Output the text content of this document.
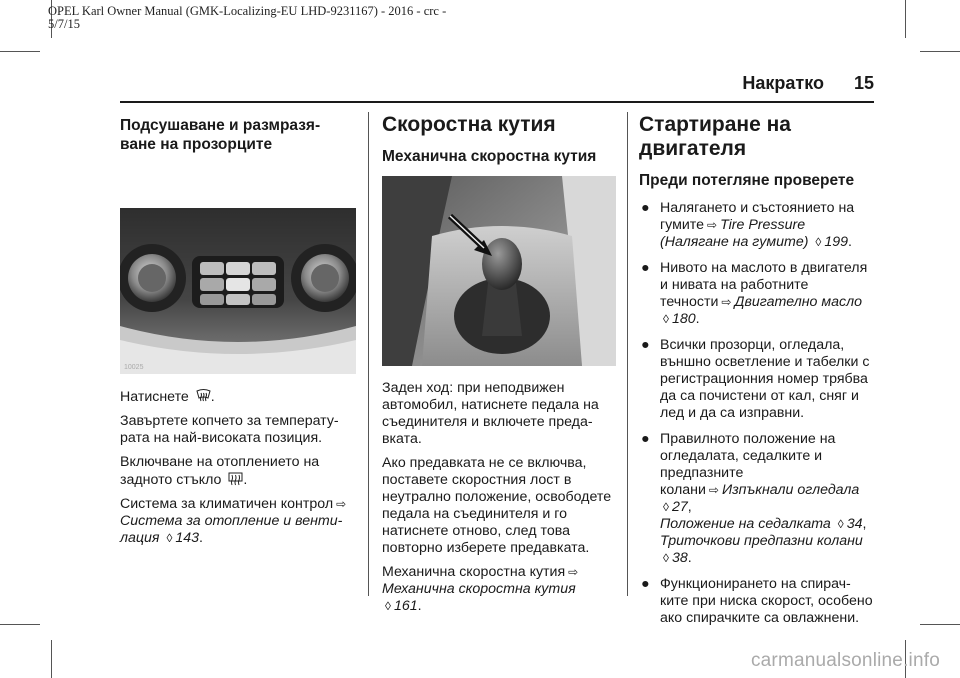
OPEL Karl Owner Manual (GMK-Localizing-EU LHD-9231167) - 2016 - crc -
5/7/15
Накратко 15
Подсушаване и размразя-ване на прозорците
10025

Натиснете .

Завъртете копчето за температу-рата на най-високата позиция.

Включване на отоплението на задното стъкло .

Система за климатичен контрол ⇨
Система за отопление и венти-лация ◊ 143.

Скоростна кутия
Механична скоростна кутия

Заден ход: при неподвижен автомобил, натиснете педала на съединителя и включете преда-вката.

Ако предавката не се включва, поставете скоростния лост в неутрално положение, освободете педала на съединителя и го натиснете отново, след това повторно изберете предавката.

Механична скоростна кутия ⇨
Механична скоростна кутия ◊ 161.

Стартиране на двигателя
Преди потегляне проверете
● Налягането и състоянието на гумите ⇨ Tire Pressure (Налягане на гумите) ◊ 199.
● Нивото на маслото в двигателя и нивата на работните течности ⇨ Двигателно масло ◊ 180.
● Всички прозорци, огледала, външно осветление и табелки с регистрационния номер трябва да са почистени от кал, сняг и лед и да са изправни.
● Правилното положение на огледалата, седалките и предпазните колани ⇨ Изпъкнали огледала ◊ 27,
Положение на седалката ◊ 34,
Триточкови предпазни колани ◊ 38.
● Функционирането на спирач-ките при ниска скорост, особено ако спирачките са овлажнени.
carmanualsonline.info
